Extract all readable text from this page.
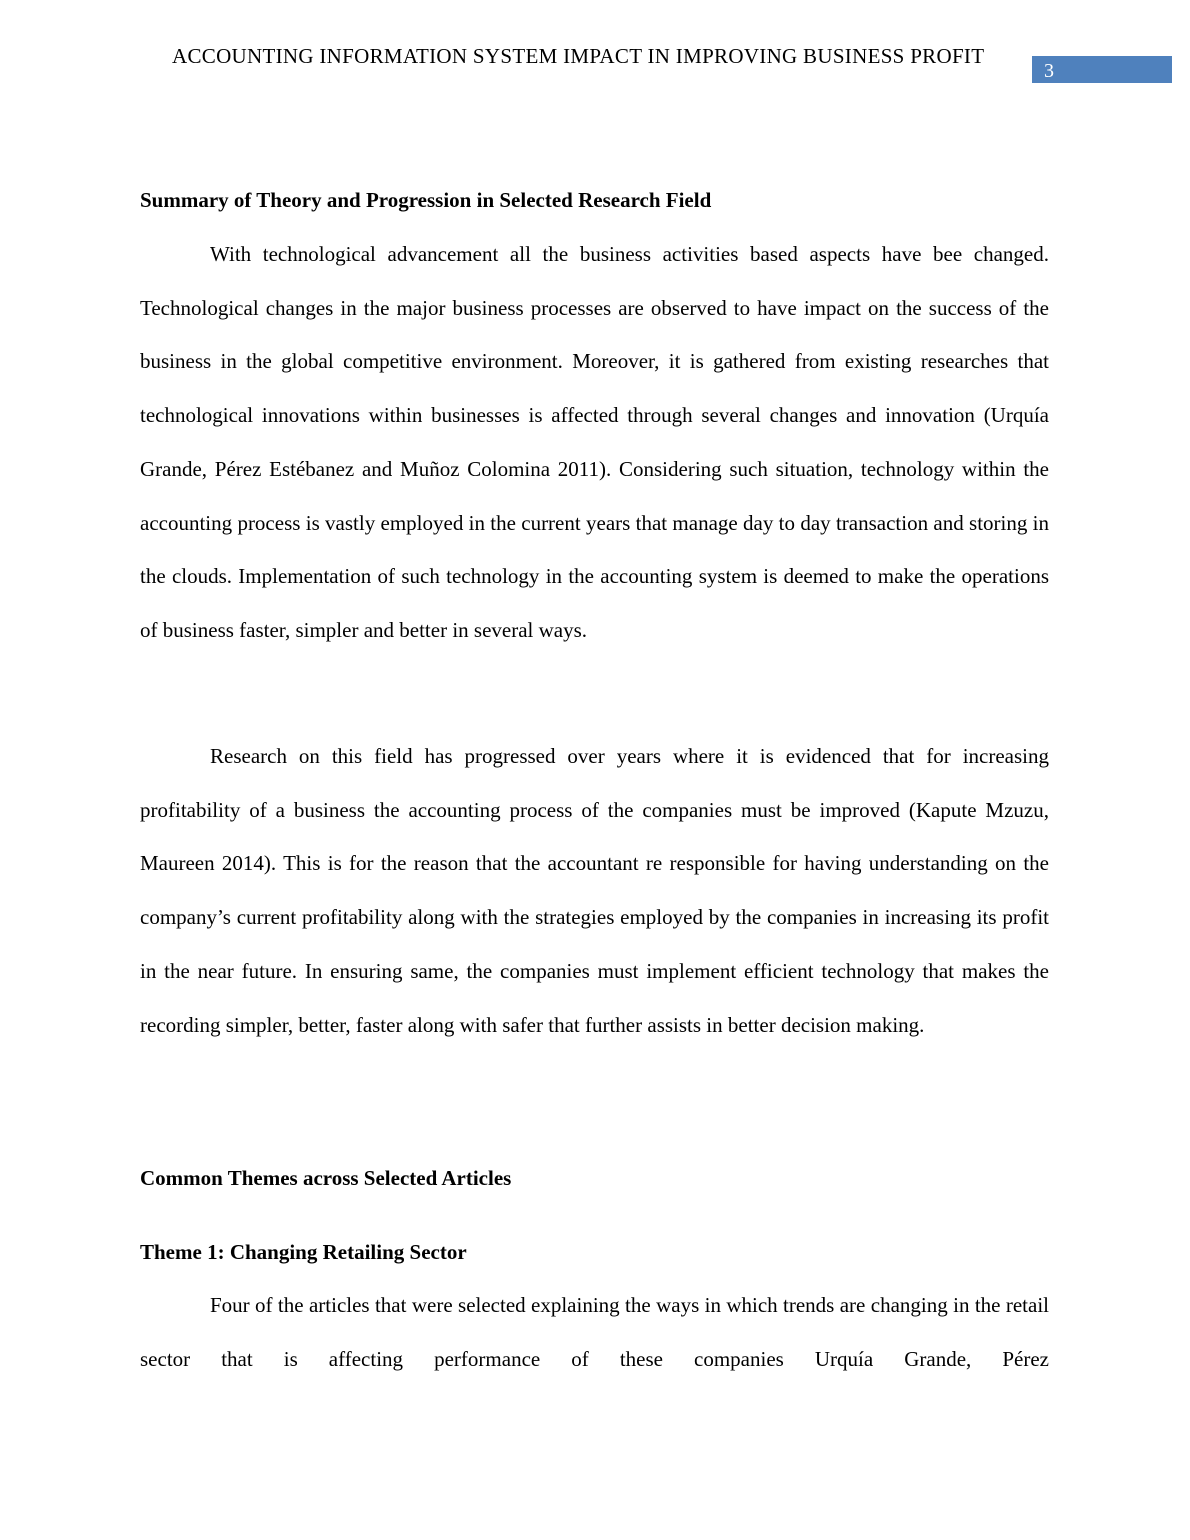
3
ACCOUNTING INFORMATION SYSTEM IMPACT IN IMPROVING BUSINESS PROFIT
Summary of Theory and Progression in Selected Research Field

With technological advancement all the business activities based aspects have bee changed. Technological changes in the major business processes are observed to have impact on the success of the business in the global competitive environment. Moreover, it is gathered from existing researches that technological innovations within businesses is affected through several changes and innovation (Urquía Grande, Pérez Estébanez and Muñoz Colomina 2011). Considering such situation, technology within the accounting process is vastly employed in the current years that manage day to day transaction and storing in the clouds. Implementation of such technology in the accounting system is deemed to make the operations of business faster, simpler and better in several ways.

Research on this field has progressed over years where it is evidenced that for increasing profitability of a business the accounting process of the companies must be improved (Kapute Mzuzu, Maureen 2014). This is for the reason that the accountant re responsible for having understanding on the company’s current profitability along with the strategies employed by the companies in increasing its profit in the near future. In ensuring same, the companies must implement efficient technology that makes the recording simpler, better, faster along with safer that further assists in better decision making.

Common Themes across Selected Articles
Theme 1: Changing Retailing Sector

Four of the articles that were selected explaining the ways in which trends are changing in the retail sector that is affecting performance of these companies Urquía Grande, Pérez
